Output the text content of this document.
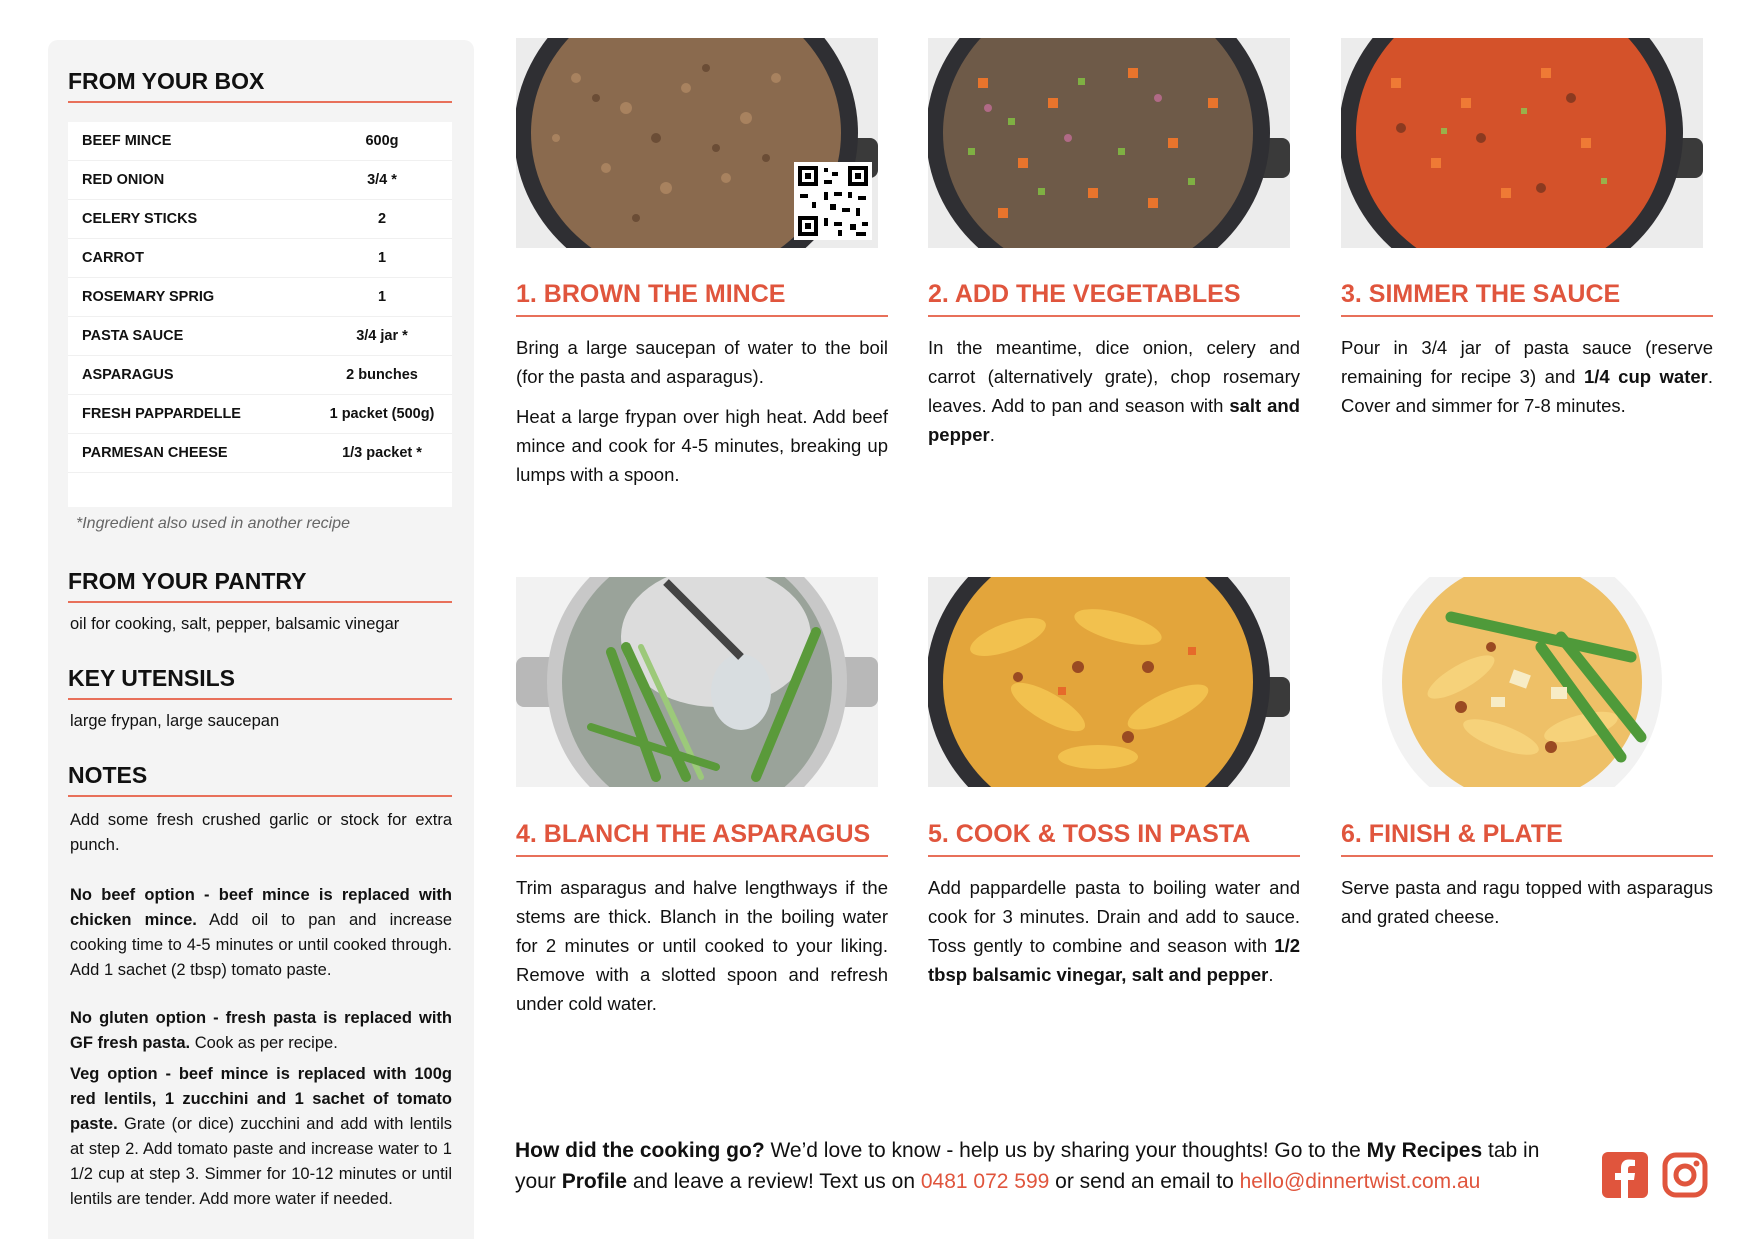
FROM YOUR BOX
BEEF MINCE	600g
RED ONION	3/4 *
CELERY STICKS	2
CARROT	1
ROSEMARY SPRIG	1
PASTA SAUCE	3/4 jar *
ASPARAGUS	2 bunches
FRESH PAPPARDELLE	1 packet (500g)
PARMESAN CHEESE	1/3 packet *
*Ingredient also used in another recipe
FROM YOUR PANTRY
oil for cooking, salt, pepper, balsamic vinegar
KEY UTENSILS
large frypan, large saucepan
NOTES

Add some fresh crushed garlic or stock for extra punch.

No beef option - beef mince is replaced with chicken mince. Add oil to pan and increase cooking time to 4-5 minutes or until cooked through. Add 1 sachet (2 tbsp) tomato paste.

No gluten option - fresh pasta is replaced with GF fresh pasta. Cook as per recipe.

Veg option - beef mince is replaced with 100g red lentils, 1 zucchini and 1 sachet of tomato paste. Grate (or dice) zucchini and add with lentils at step 2. Add tomato paste and increase water to 1 1/2 cup at step 3. Simmer for 10-12 minutes or until lentils are tender. Add more water if needed.

1. BROWN THE MINCE

Bring a large saucepan of water to the boil (for the pasta and asparagus).

Heat a large frypan over high heat. Add beef mince and cook for 4-5 minutes, breaking up lumps with a spoon.

2. ADD THE VEGETABLES

In the meantime, dice onion, celery and carrot (alternatively grate), chop rosemary leaves. Add to pan and season with salt and pepper.

3. SIMMER THE SAUCE

Pour in 3/4 jar of pasta sauce (reserve remaining for recipe 3) and 1/4 cup water. Cover and simmer for 7-8 minutes.

4. BLANCH THE ASPARAGUS

Trim asparagus and halve lengthways if the stems are thick. Blanch in the boiling water for 2 minutes or until cooked to your liking. Remove with a slotted spoon and refresh under cold water.

5. COOK & TOSS IN PASTA

Add pappardelle pasta to boiling water and cook for 3 minutes. Drain and add to sauce. Toss gently to combine and season with 1/2 tbsp balsamic vinegar, salt and pepper.

6. FINISH & PLATE

Serve pasta and ragu topped with asparagus and grated cheese.

How did the cooking go? We’d love to know - help us by sharing your thoughts! Go to the My Recipes tab in your Profile and leave a review! Text us on 0481 072 599 or send an email to hello@dinnertwist.com.au
